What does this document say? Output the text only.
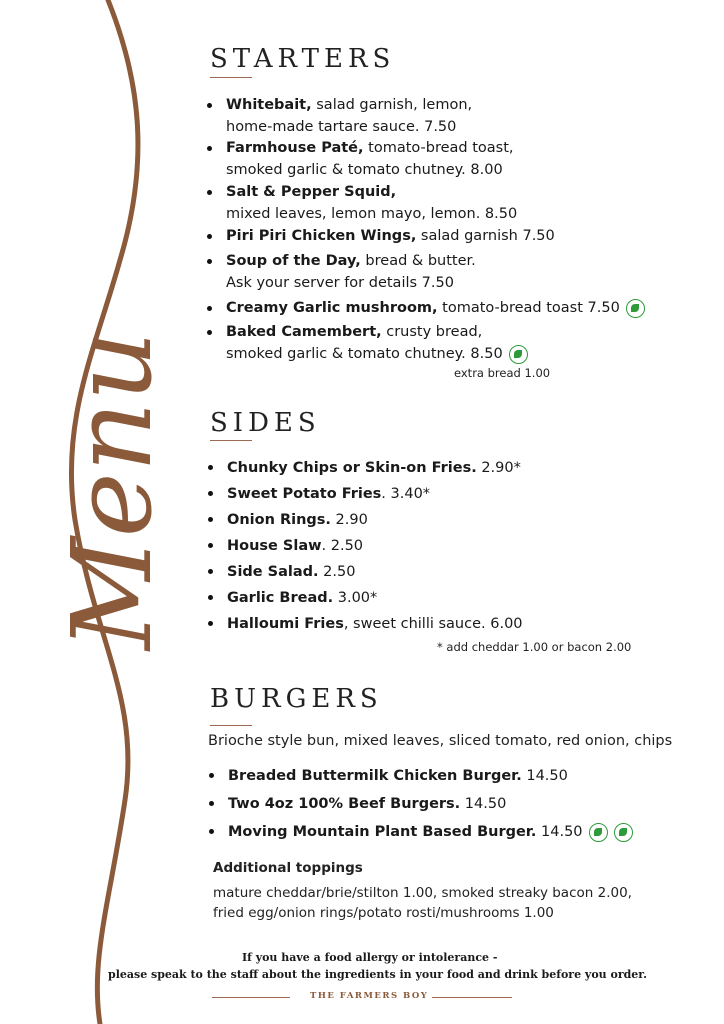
Menu
STARTERS
Whitebait, salad garnish, lemon,
home-made tartare sauce. 7.50
Farmhouse Paté, tomato-bread toast,
smoked garlic & tomato chutney. 8.00
Salt & Pepper Squid,
mixed leaves, lemon mayo, lemon. 8.50
Piri Piri Chicken Wings, salad garnish 7.50
Soup of the Day, bread & butter.
Ask your server for details 7.50
Creamy Garlic mushroom, tomato-bread toast 7.50
Baked Camembert, crusty bread,
smoked garlic & tomato chutney. 8.50
extra bread 1.00
SIDES
Chunky Chips or Skin-on Fries. 2.90*
Sweet Potato Fries. 3.40*
Onion Rings. 2.90
House Slaw. 2.50
Side Salad. 2.50
Garlic Bread. 3.00*
Halloumi Fries, sweet chilli sauce. 6.00
* add cheddar 1.00 or bacon 2.00
BURGERS
Brioche style bun, mixed leaves, sliced tomato, red onion, chips
Breaded Buttermilk Chicken Burger. 14.50
Two 4oz 100% Beef Burgers. 14.50
Moving Mountain Plant Based Burger. 14.50
Additional toppings
mature cheddar/brie/stilton 1.00, smoked streaky bacon 2.00,
fried egg/onion rings/potato rosti/mushrooms 1.00
If you have a food allergy or intolerance -
please speak to the staff about the ingredients in your food and drink before you order.
THE FARMERS BOY
